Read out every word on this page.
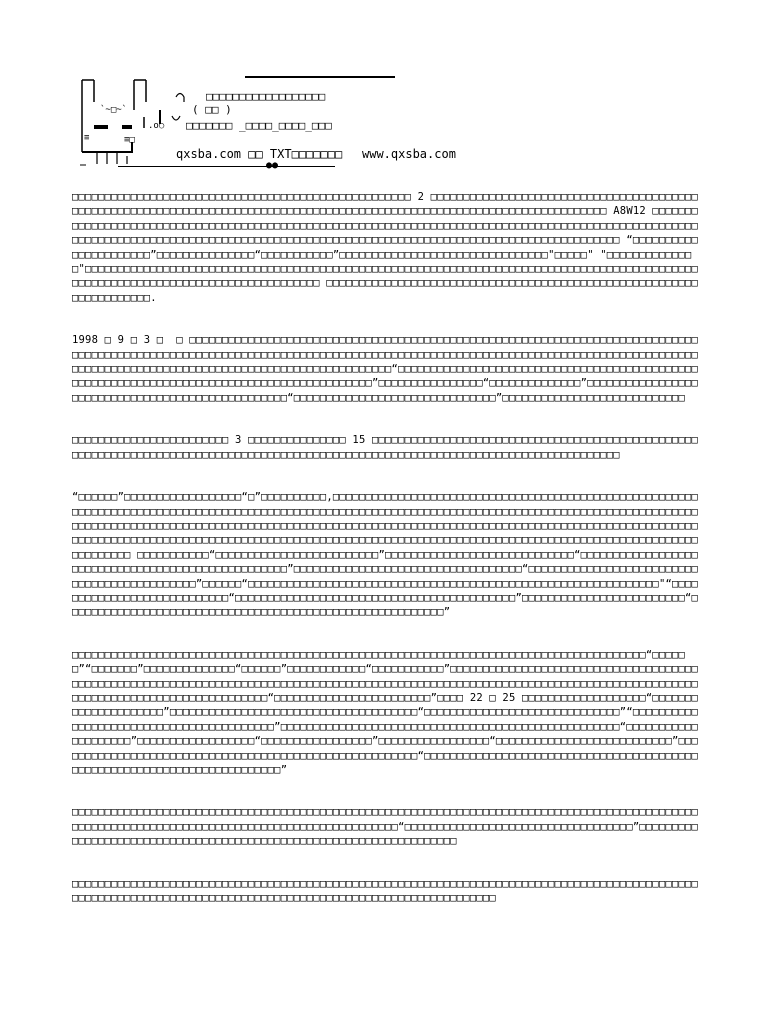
`~□~`
.o○
≡	≡□
□□□□□□□□□□□□□□□□□□
( □□ )
□□□□□□□ _□□□□_□□□□_□□□
qxsba.com □□ TXT□□□□□□□ www.qxsba.com
●●

□□□□□□□□□□□□□□□□□□□□□□□□□□□□□□□□□□□□□□□□□□□□□□□□□□□□ 2 □□□□□□□□□□□□□□□□□□□□□□□□□□□□□□□□□□□□□□□□□□□□□□□□□□□□□□□□□□□□□□□□□□□□□□□□□□□□□□□□□□□□□□□□□□□□□□□□□□□□□□□□□□□□□□□□□□□□□□□□□□□ A8W12 □□□□□□□□□□□□□□□□□□□□□□□□□□□□□□□□□□□□□□□□□□□□□□□□□□□□□□□□□□□□□□□□□□□□□□□□□□□□□□□□□□□□□□□□□□□□□□□□□□□□□□□□□□□□□□□□□□□□□□□□□□□□□□□□□□□□□□□□□□□□□□□□□□□□□□□□□□□□□□□□□□□□□□□□□□□□□□□□□□□□□□□□□□□ “□□□□□□□□□□□□□□□□□□□□□□”□□□□□□□□□□□□□□□“□□□□□□□□□□□”□□□□□□□□□□□□□□□□□□□□□□□□□□□□□□□□"□□□□□" "□□□□□□□□□□□□□□"□□□□□□□□□□□□□□□□□□□□□□□□□□□□□□□□□□□□□□□□□□□□□□□□□□□□□□□□□□□□□□□□□□□□□□□□□□□□□□□□□□□□□□□□□□□□□□□□□□□□□□□□□□□□□□□□□□□□□□□□□□□□□□□□□□□□ □□□□□□□□□□□□□□□□□□□□□□□□□□□□□□□□□□□□□□□□□□□□□□□□□□□□□□□□□□□□□□□□□□□□□.

1998 □ 9 □ 3 □  □ □□□□□□□□□□□□□□□□□□□□□□□□□□□□□□□□□□□□□□□□□□□□□□□□□□□□□□□□□□□□□□□□□□□□□□□□□□□□□□□□□□□□□□□□□□□□□□□□□□□□□□□□□□□□□□□□□□□□□□□□□□□□□□□□□□□□□□□□□□□□□□□□□□□□□□□□□□□□□□□□□□□□□□□□□□□□□□□□□□□□□□□□□□□□□□□□□□□□□□□□□□□□□□□□□□□□□□□□□□□□□□□“□□□□□□□□□□□□□□□□□□□□□□□□□□□□□□□□□□□□□□□□□□□□□□□□□□□□□□□□□□□□□□□□□□□□□□□□□□□□□□□□□□□□□□□□□□□□”□□□□□□□□□□□□□□□□“□□□□□□□□□□□□□□”□□□□□□□□□□□□□□□□□□□□□□□□□□□□□□□□□□□□□□□□□□□□□□□□□□“□□□□□□□□□□□□□□□□□□□□□□□□□□□□□□□”□□□□□□□□□□□□□□□□□□□□□□□□□□□□

□□□□□□□□□□□□□□□□□□□□□□□□ 3 □□□□□□□□□□□□□□□ 15 □□□□□□□□□□□□□□□□□□□□□□□□□□□□□□□□□□□□□□□□□□□□□□□□□□□□□□□□□□□□□□□□□□□□□□□□□□□□□□□□□□□□□□□□□□□□□□□□□□□□□□□□□□□□□□□□□□□□□□□□□□□□□□□□□□□□□□

“□□□□□□”□□□□□□□□□□□□□□□□□□“□”□□□□□□□□□□,□□□□□□□□□□□□□□□□□□□□□□□□□□□□□□□□□□□□□□□□□□□□□□□□□□□□□□□□□□□□□□□□□□□□□□□□□□□□□□□□□□□□□□□□□□□□□□□□□□□□□□□□□□□□□□□□□□□□□□□□□□□□□□□□□□□□□□□□□□□□□□□□□□□□□□□□□□□□□□□□□□□□□□□□□□□□□□□□□□□□□□□□□□□□□□□□□□□□□□□□□□□□□□□□□□□□□□□□□□□□□□□□□□□□□□□□□□□□□□□□□□□□□□□□□□□□□□□□□□□□□□□□□□□□□□□□□□□□□□□□□□□□□□□□□□□□□□□□□□□□□□□□□□□□□□□□□□□□□□□□□□□□□□□□□□□□□□□□□□□□□□□□□□□□□□□□□ □□□□□□□□□□□“□□□□□□□□□□□□□□□□□□□□□□□□□”□□□□□□□□□□□□□□□□□□□□□□□□□□□□□“□□□□□□□□□□□□□□□□□□□□□□□□□□□□□□□□□□□□□□□□□□□□□□□□□□□”□□□□□□□□□□□□□□□□□□□□□□□□□□□□□□□□□□□“□□□□□□□□□□□□□□□□□□□□□□□□□□□□□□□□□□□□□□□□□□□□□”□□□□□□“□□□□□□□□□□□□□□□□□□□□□□□□□□□□□□□□□□□□□□□□□□□□□□□□□□□□□□□□□□□□□□□"“□□□□□□□□□□□□□□□□□□□□□□□□□□□□“□□□□□□□□□□□□□□□□□□□□□□□□□□□□□□□□□□□□□□□□□□□”□□□□□□□□□□□□□□□□□□□□□□□□□“□□□□□□□□□□□□□□□□□□□□□□□□□□□□□□□□□□□□□□□□□□□□□□□□□□□□□□□□□□”

□□□□□□□□□□□□□□□□□□□□□□□□□□□□□□□□□□□□□□□□□□□□□□□□□□□□□□□□□□□□□□□□□□□□□□□□□□□□□□□□□□□□□□□□“□□□□□□”“□□□□□□□”□□□□□□□□□□□□□□“□□□□□□”□□□□□□□□□□□□“□□□□□□□□□□□”□□□□□□□□□□□□□□□□□□□□□□□□□□□□□□□□□□□□□□□□□□□□□□□□□□□□□□□□□□□□□□□□□□□□□□□□□□□□□□□□□□□□□□□□□□□□□□□□□□□□□□□□□□□□□□□□□□□□□□□□□□□□□□□□□□□□□□□□□□□□□□□□□□□□□□□□□□□□□□□□□□□□“□□□□□□□□□□□□□□□□□□□□□□□□”□□□□ 22 □ 25 □□□□□□□□□□□□□□□□□□□“□□□□□□□□□□□□□□□□□□□□□”□□□□□□□□□□□□□□□□□□□□□□□□□□□□□□□□□□□□□□“□□□□□□□□□□□□□□□□□□□□□□□□□□□□□□”“□□□□□□□□□□□□□□□□□□□□□□□□□□□□□□□□□□□□□□□□□”□□□□□□□□□□□□□□□□□□□□□□□□□□□□□□□□□□□□□□□□□□□□□□□□□□□□“□□□□□□□□□□□□□□□□□□□□”□□□□□□□□□□□□□□□□□□“□□□□□□□□□□□□□□□□□”□□□□□□□□□□□□□□□□□“□□□□□□□□□□□□□□□□□□□□□□□□□□□”□□□□□□□□□□□□□□□□□□□□□□□□□□□□□□□□□□□□□□□□□□□□□□□□□□□□□□□□“□□□□□□□□□□□□□□□□□□□□□□□□□□□□□□□□□□□□□□□□□□□□□□□□□□□□□□□□□□□□□□□□□□□□□□□□□□”

□□□□□□□□□□□□□□□□□□□□□□□□□□□□□□□□□□□□□□□□□□□□□□□□□□□□□□□□□□□□□□□□□□□□□□□□□□□□□□□□□□□□□□□□□□□□□□□□□□□□□□□□□□□□□□□□□□□□□□□□□□□□□□□□□□□□□□□□□□□□□□□□□□“□□□□□□□□□□□□□□□□□□□□□□□□□□□□□□□□□□□”□□□□□□□□□□□□□□□□□□□□□□□□□□□□□□□□□□□□□□□□□□□□□□□□□□□□□□□□□□□□□□□□□□□□

□□□□□□□□□□□□□□□□□□□□□□□□□□□□□□□□□□□□□□□□□□□□□□□□□□□□□□□□□□□□□□□□□□□□□□□□□□□□□□□□□□□□□□□□□□□□□□□□□□□□□□□□□□□□□□□□□□□□□□□□□□□□□□□□□□□□□□□□□□□□□□□□□□□□□□□□□□□□□□□□□
